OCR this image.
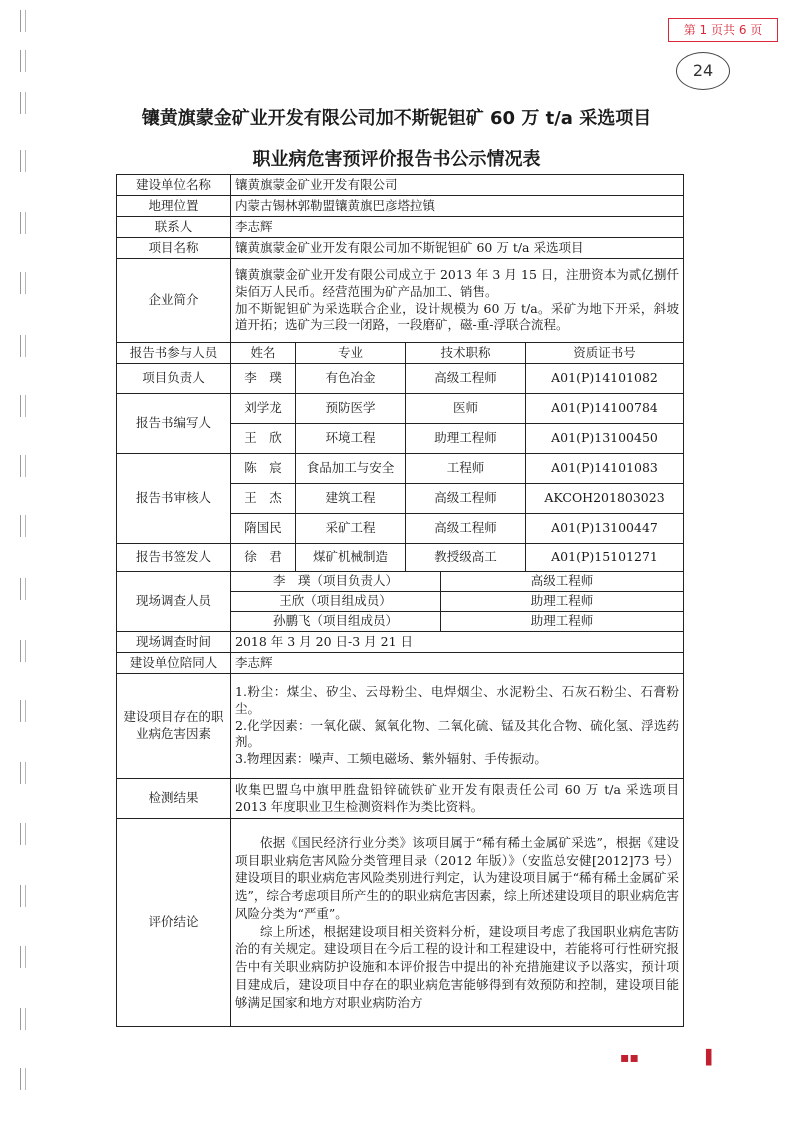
第 1 页共 6 页
24
镶黄旗蒙金矿业开发有限公司加不斯铌钽矿 60 万 t/a 采选项目
职业病危害预评价报告书公示情况表
建设单位名称	镶黄旗蒙金矿业开发有限公司				
地理位置	内蒙古锡林郭勒盟镶黄旗巴彦塔拉镇				
联系人	李志辉				
项目名称	镶黄旗蒙金矿业开发有限公司加不斯铌钽矿 60 万 t/a 采选项目				
企业简介	镶黄旗蒙金矿业开发有限公司成立于 2013 年 3 月 15 日，注册资本为贰亿捌仟柒佰万人民币。经营范围为矿产品加工、销售。
加不斯铌钽矿为采选联合企业，设计规模为 60 万 t/a。采矿为地下开采，斜坡道开拓；选矿为三段一闭路，一段磨矿，磁-重-浮联合流程。				

报告书参与人员	姓名	专业	技术职称		资质证书号
项目负责人	李　璞	有色冶金	高级工程师		A01(P)14101082
报告书编写人	刘学龙	预防医学	医师		A01(P)14100784
	王　欣	环境工程	助理工程师		A01(P)13100450
报告书审核人	陈　宸	食品加工与安全	工程师		A01(P)14101083
	王　杰	建筑工程	高级工程师		AKCOH201803023
	隋国民	采矿工程	高级工程师		A01(P)13100447
报告书签发人	徐　君	煤矿机械制造	教授级高工		A01(P)15101271
现场调查人员	李　璞（项目负责人）			高级工程师	
	王欣（项目组成员）			助理工程师	
	孙鹏飞（项目组成员）			助理工程师	
现场调查时间	2018 年 3 月 20 日-3 月 21 日				
建设单位陪同人	李志辉				
建设项目存在的职业病危害因素	1.粉尘：煤尘、矽尘、云母粉尘、电焊烟尘、水泥粉尘、石灰石粉尘、石膏粉尘。
2.化学因素：一氧化碳、氮氧化物、二氧化硫、锰及其化合物、硫化氢、浮选药剂。
3.物理因素：噪声、工频电磁场、紫外辐射、手传振动。				

检测结果	收集巴盟乌中旗甲胜盘铅锌硫铁矿业开发有限责任公司 60 万 t/a 采选项目 2013 年度职业卫生检测资料作为类比资料。				
评价结论	依据《国民经济行业分类》该项目属于“稀有稀土金属矿采选”，根据《建设项目职业病危害风险分类管理目录（2012 年版）》（安监总安健[2012]73 号）建设项目的职业病危害风险类别进行判定，认为建设项目属于“稀有稀土金属矿采选”，综合考虑项目所产生的的职业病危害因素，综上所述建设项目的职业病危害风险分类为“严重”。
综上所述，根据建设项目相关资料分析，建设项目考虑了我国职业病危害防治的有关规定。建设项目在今后工程的设计和工程建设中，若能将可行性研究报告中有关职业病防护设施和本评价报告中提出的补充措施建议予以落实，预计项目建成后，建设项目中存在的职业病危害能够得到有效预防和控制，建设项目能够满足国家和地方对职业病防治方				
▪▪	▌
